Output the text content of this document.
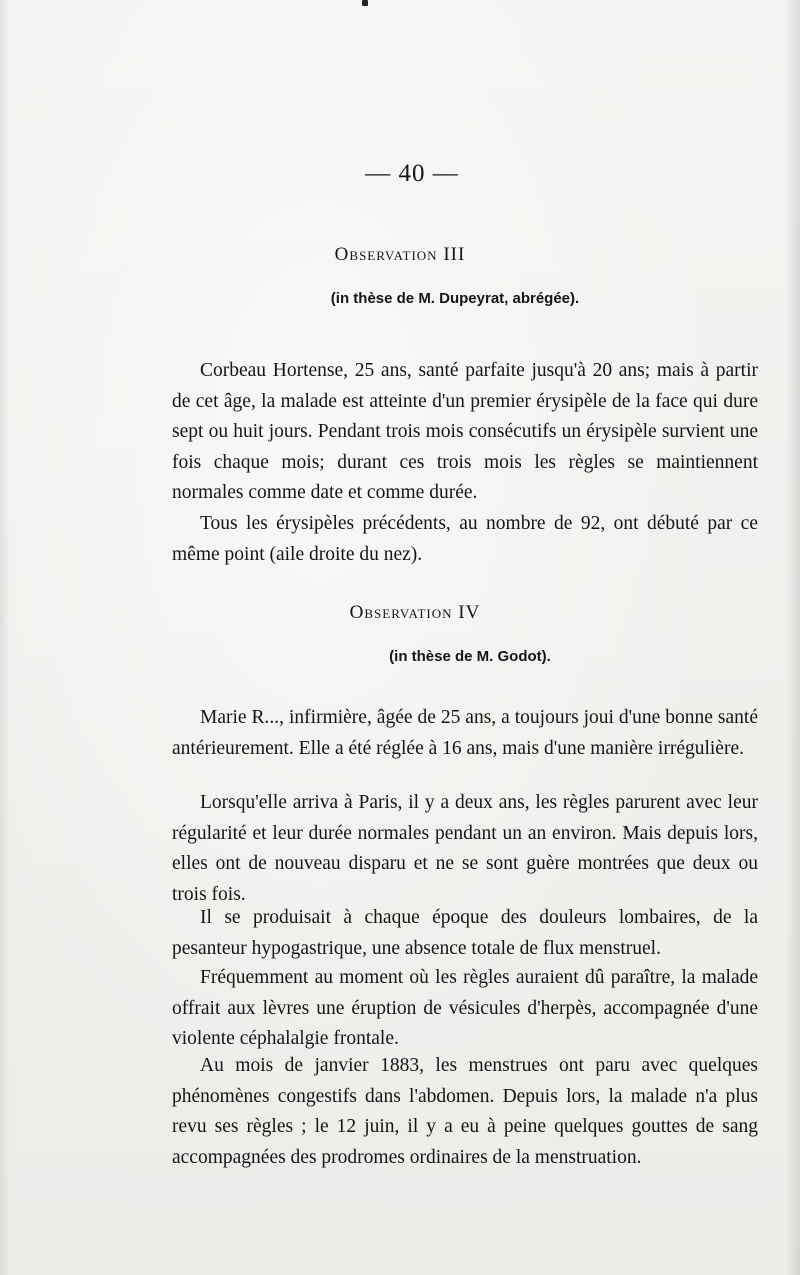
— 40 —
Observation III
(in thèse de M. Dupeyrat, abrégée).

Corbeau Hortense, 25 ans, santé parfaite jusqu'à 20 ans; mais à partir de cet âge, la malade est atteinte d'un premier érysipèle de la face qui dure sept ou huit jours. Pendant trois mois consécutifs un érysipèle survient une fois chaque mois; durant ces trois mois les règles se maintiennent normales comme date et comme durée.

Tous les érysipèles précédents, au nombre de 92, ont débuté par ce même point (aile droite du nez).

Observation IV
(in thèse de M. Godot).

Marie R..., infirmière, âgée de 25 ans, a toujours joui d'une bonne santé antérieurement. Elle a été réglée à 16 ans, mais d'une manière irrégulière.

Lorsqu'elle arriva à Paris, il y a deux ans, les règles parurent avec leur régularité et leur durée normales pendant un an environ. Mais depuis lors, elles ont de nouveau disparu et ne se sont guère montrées que deux ou trois fois.

Il se produisait à chaque époque des douleurs lombaires, de la pesanteur hypogastrique, une absence totale de flux menstruel.

Fréquemment au moment où les règles auraient dû paraître, la malade offrait aux lèvres une éruption de vésicules d'herpès, accompagnée d'une violente céphalalgie frontale.

Au mois de janvier 1883, les menstrues ont paru avec quelques phénomènes congestifs dans l'abdomen. Depuis lors, la malade n'a plus revu ses règles ; le 12 juin, il y a eu à peine quelques gouttes de sang accompagnées des prodromes ordinaires de la menstruation.
